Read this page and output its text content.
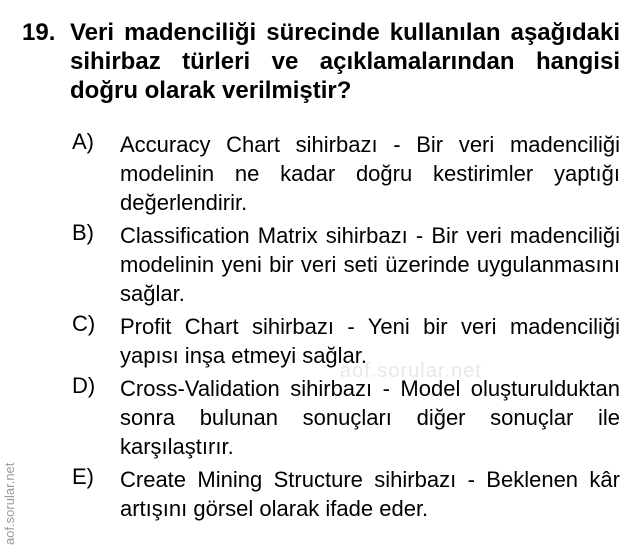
aof.sorular.net
19. Veri madenciliği sürecinde kullanılan aşağıdaki sihirbaz türleri ve açıklamalarından hangisi doğru olarak verilmiştir?
A) Accuracy Chart sihirbazı - Bir veri madenciliği modelinin ne kadar doğru kestirimler yaptığı değerlendirir.
B) Classification Matrix sihirbazı - Bir veri madenciliği modelinin yeni bir veri seti üzerinde uygulanmasını sağlar.
C) Profit Chart sihirbazı - Yeni bir veri madenciliği yapısı inşa etmeyi sağlar.
D) Cross-Validation sihirbazı - Model oluşturulduktan sonra bulunan sonuçları diğer sonuçlar ile karşılaştırır.
E) Create Mining Structure sihirbazı - Beklenen kâr artışını görsel olarak ifade eder.
aof.sorular.net
